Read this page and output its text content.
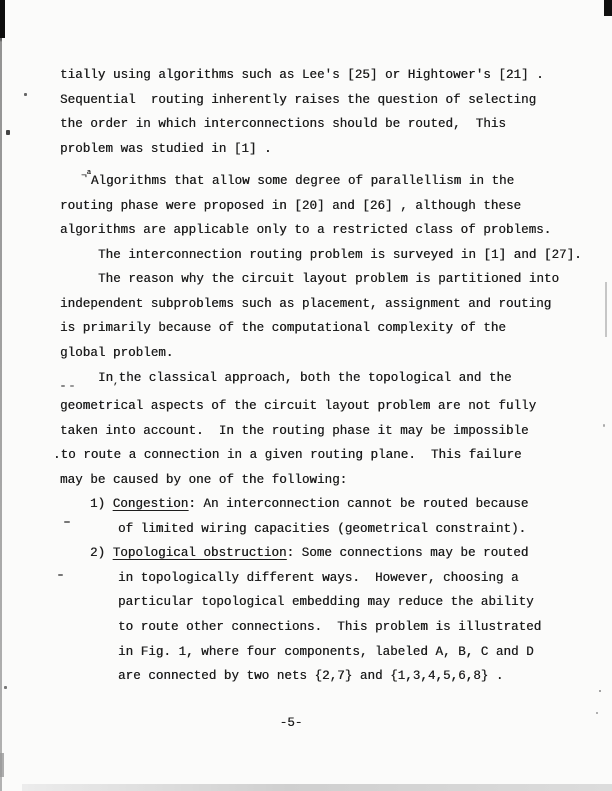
tially using algorithms such as Lee's [25] or Hightower's [21] .
Sequential  routing inherently raises the question of selecting
the order in which interconnections should be routed,  This
problem was studied in [1] .
$^{\neg a}$Algorithms that allow some degree of parallellism in the
routing phase were proposed in [20] and [26] , although these
algorithms are applicable only to a restricted class of problems.
The interconnection routing problem is surveyed in [1] and [27].
The reason why the circuit layout problem is partitioned into
independent subproblems such as placement, assignment and routing
is primarily because of the computational complexity of the
global problem.
$In_,the$ classical approach, both the topological and the
geometrical aspects of the circuit layout problem are not fully
taken into account.  In the routing phase it may be impossible
.to route a connection in a given routing plane.  This failure
may be caused by one of the following:
1) Congestion: An interconnection cannot be routed because
of limited wiring capacities (geometrical constraint).
2) Topological obstruction: Some connections may be routed
in topologically different ways.  However, choosing a
particular topological embedding may reduce the ability
to route other connections.  This problem is illustrated
in Fig. 1, where four components, labeled A, B, C and D
are connected by two nets {2,7} and {1,3,4,5,6,8} .
-5-
